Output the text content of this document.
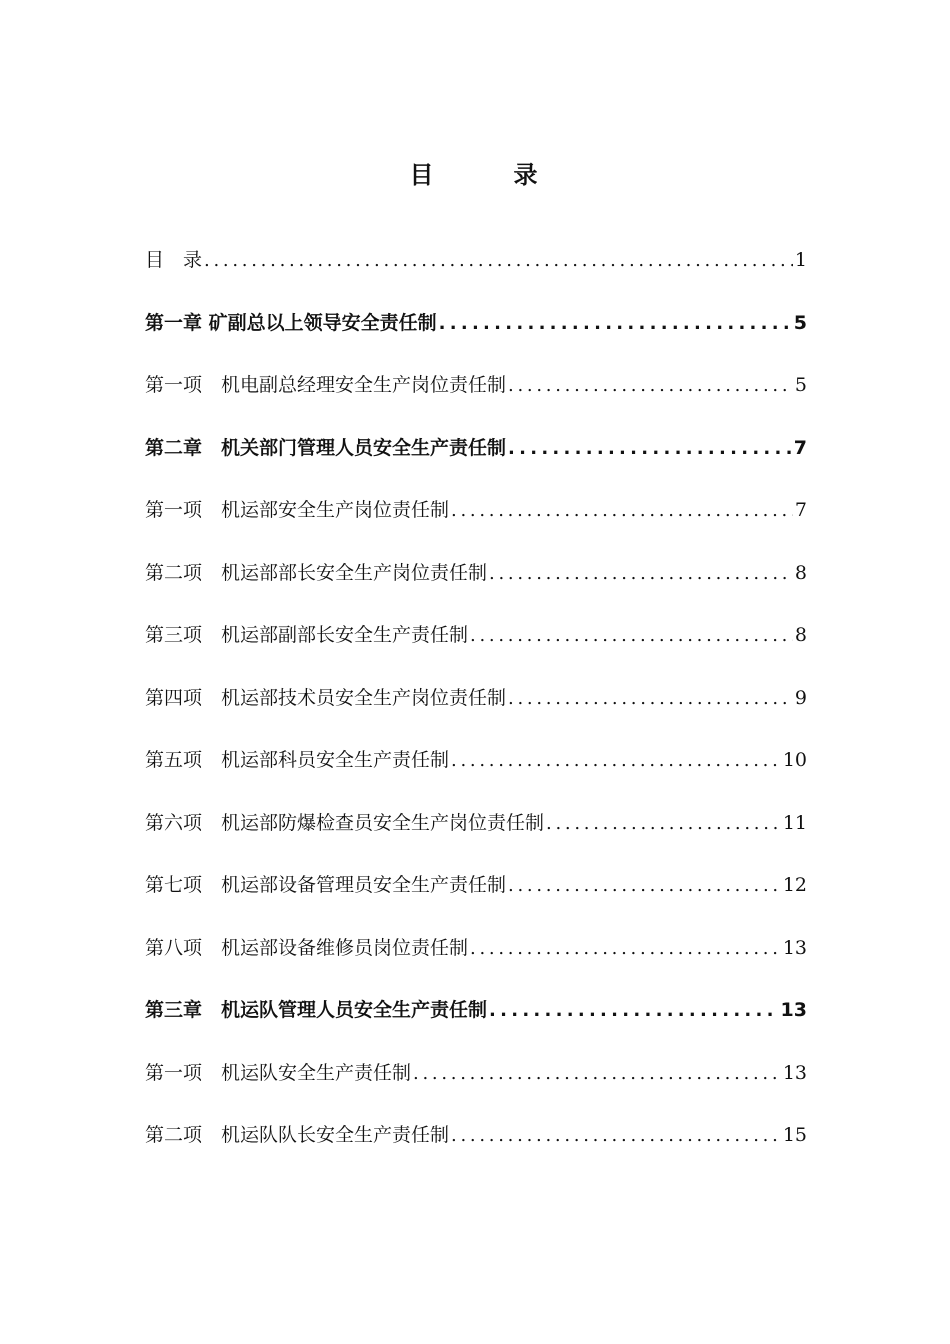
目　录
目　录 . . .	1
第一章 矿副总以上领导安全责任制 . . .	5
第一项　机电副总经理安全生产岗位责任制 . . .	5
第二章　机关部门管理人员安全生产责任制 . . .	7
第一项　机运部安全生产岗位责任制 . . .	7
第二项　机运部部长安全生产岗位责任制 . . .	8
第三项　机运部副部长安全生产责任制 . . .	8
第四项　机运部技术员安全生产岗位责任制 . . .	9
第五项　机运部科员安全生产责任制 . . .	10
第六项　机运部防爆检查员安全生产岗位责任制 . . .	11
第七项　机运部设备管理员安全生产责任制 . . .	12
第八项　机运部设备维修员岗位责任制 . . .	13
第三章　机运队管理人员安全生产责任制 . . .	13
第一项　机运队安全生产责任制 . . .	13
第二项　机运队队长安全生产责任制 . . .	15
